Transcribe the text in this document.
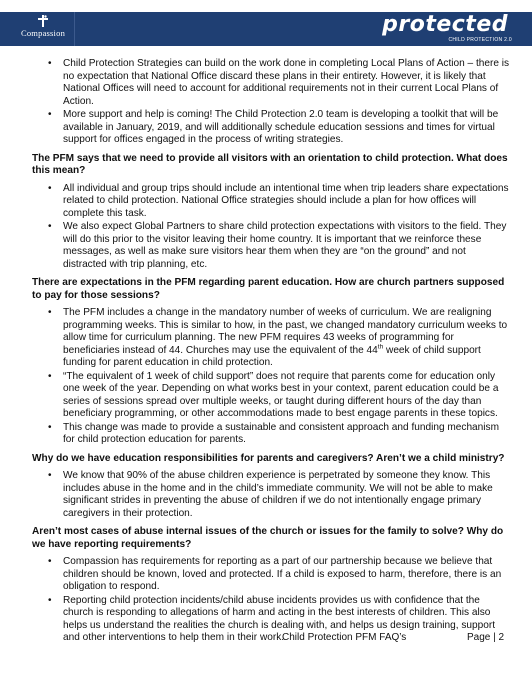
Compassion	protected
CHILD PROTECTION 2.0
• Child Protection Strategies can build on the work done in completing Local Plans of Action – there is no expectation that National Office discard these plans in their entirety. However, it is likely that National Offices will need to account for additional requirements not in their current Local Plans of Action.
• More support and help is coming! The Child Protection 2.0 team is developing a toolkit that will be available in January, 2019, and will additionally schedule education sessions and times for virtual support for offices engaged in the process of writing strategies.
The PFM says that we need to provide all visitors with an orientation to child protection. What does this mean?
• All individual and group trips should include an intentional time when trip leaders share expectations related to child protection. National Office strategies should include a plan for how offices will complete this task.
• We also expect Global Partners to share child protection expectations with visitors to the field. They will do this prior to the visitor leaving their home country. It is important that we reinforce these messages, as well as make sure visitors hear them when they are “on the ground” and not distracted with trip planning, etc.
There are expectations in the PFM regarding parent education. How are church partners supposed to pay for those sessions?
• The PFM includes a change in the mandatory number of weeks of curriculum. We are realigning programming weeks. This is similar to how, in the past, we changed mandatory curriculum weeks to allow time for curriculum planning. The new PFM requires 43 weeks of programming for beneficiaries instead of 44. Churches may use the equivalent of the 44th week of child support funding for parent education in child protection.
• “The equivalent of 1 week of child support” does not require that parents come for education only one week of the year. Depending on what works best in your context, parent education could be a series of sessions spread over multiple weeks, or taught during different hours of the day than beneficiary programming, or other accommodations made to best engage parents in these topics.
• This change was made to provide a sustainable and consistent approach and funding mechanism for child protection education for parents.
Why do we have education responsibilities for parents and caregivers? Aren’t we a child ministry?
• We know that 90% of the abuse children experience is perpetrated by someone they know. This includes abuse in the home and in the child’s immediate community. We will not be able to make significant strides in preventing the abuse of children if we do not intentionally engage primary caregivers in their protection.
Aren’t most cases of abuse internal issues of the church or issues for the family to solve? Why do we have reporting requirements?
• Compassion has requirements for reporting as a part of our partnership because we believe that children should be known, loved and protected. If a child is exposed to harm, therefore, there is an obligation to respond.
• Reporting child protection incidents/child abuse incidents provides us with confidence that the church is responding to allegations of harm and acting in the best interests of children. This also helps us understand the realities the church is dealing with, and helps us design training, support and other interventions to help them in their work.
Child Protection PFM FAQ’s	Page | 2
